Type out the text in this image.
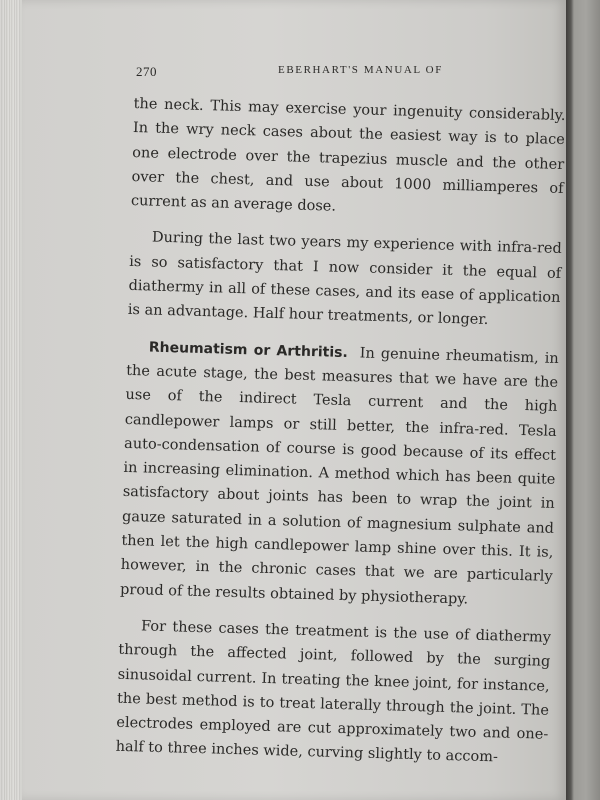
270	EBERHART'S MANUAL OF

the neck. This may exercise your ingenuity considerably. In the wry neck cases about the easiest way is to place one electrode over the trapezius muscle and the other over the chest, and use about 1000 milliamperes of current as an average dose.

During the last two years my experience with infra-red is so satisfactory that I now consider it the equal of diathermy in all of these cases, and its ease of application is an advantage. Half hour treatments, or longer.

Rheumatism or Arthritis. In genuine rheumatism, in the acute stage, the best measures that we have are the use of the indirect Tesla current and the high candlepower lamps or still better, the infra-red. Tesla auto-condensation of course is good because of its effect in increasing elimination. A method which has been quite satisfactory about joints has been to wrap the joint in gauze saturated in a solution of magnesium sulphate and then let the high candlepower lamp shine over this. It is, however, in the chronic cases that we are particularly proud of the results obtained by physiotherapy.

For these cases the treatment is the use of diathermy through the affected joint, followed by the surging sinusoidal current. In treating the knee joint, for instance, the best method is to treat laterally through the joint. The electrodes employed are cut approximately two and one-half to three inches wide, curving slightly to accom-
